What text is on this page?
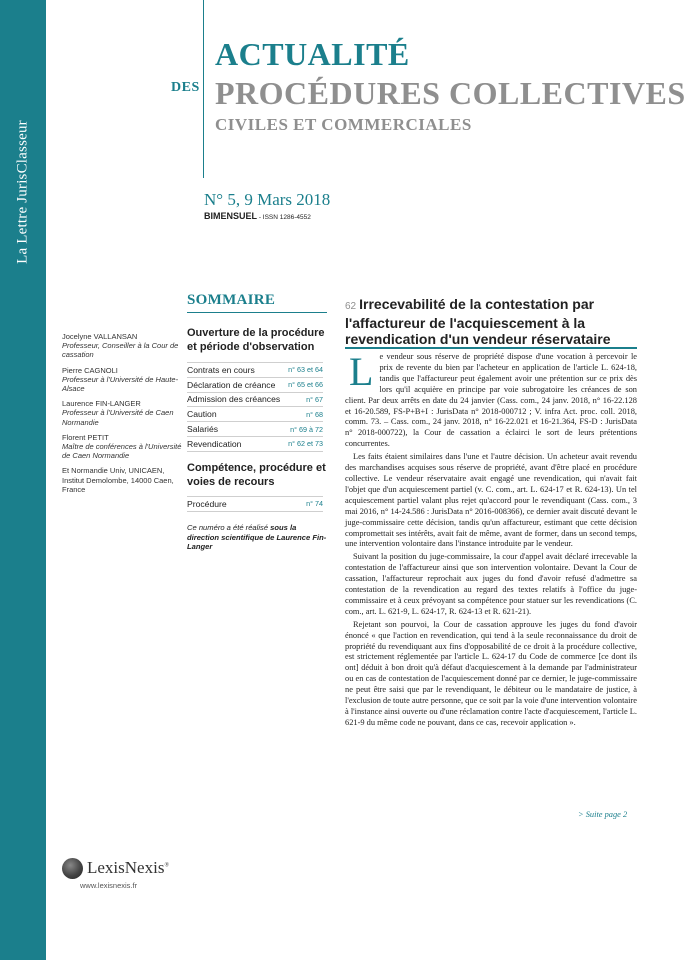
La Lettre JurisClasseur
ACTUALITÉ
DES PROCÉDURES COLLECTIVES
CIVILES ET COMMERCIALES
N° 5, 9 Mars 2018
BIMENSUEL - ISSN 1286-4552
SOMMAIRE
Jocelyne VALLANSAN
Professeur, Conseiller à la Cour de cassation
Pierre CAGNOLI
Professeur à l'Université de Haute-Alsace
Laurence FIN-LANGER
Professeur à l'Université de Caen Normandie
Florent PETIT
Maître de conférences à l'Université de Caen Normandie
Et Normandie Univ, UNICAEN, Institut Demolombe, 14000 Caen, France
Ouverture de la procédure et période d'observation
Contrats en cours	n° 63 et 64
Déclaration de créance n° 65 et 66
Admission des créances	n° 67
Caution	n° 68
Salariés	n° 69 à 72
Revendication	n° 62 et 73
Compétence, procédure et voies de recours
Procédure	n° 74
Ce numéro a été réalisé sous la direction scientifique de Laurence Fin-Langer
62 Irrecevabilité de la contestation par l'affactureur de l'acquiescement à la revendication d'un vendeur réservataire

Le vendeur sous réserve de propriété dispose d'une vocation à percevoir le prix de revente du bien par l'acheteur en application de l'article L. 624-18, tandis que l'affactureur peut également avoir une prétention sur ce prix dès lors qu'il acquière en principe par voie subrogatoire les créances de son client. Par deux arrêts en date du 24 janvier (Cass. com., 24 janv. 2018, n° 16-22.128 et 16-20.589, FS-P+B+I : JurisData n° 2018-000712 ; V. infra Act. proc. coll. 2018, comm. 73. – Cass. com., 24 janv. 2018, n° 16-22.021 et 16-21.364, FS-D : JurisData n° 2018-000722), la Cour de cassation a éclairci le sort de leurs prétentions concurrentes.

Les faits étaient similaires dans l'une et l'autre décision. Un acheteur avait revendu des marchandises acquises sous réserve de propriété, avant d'être placé en procédure collective. Le vendeur réservataire avait engagé une revendication, qui n'avait fait l'objet que d'un acquiescement partiel (v. C. com., art. L. 624-17 et R. 624-13). Un tel acquiescement partiel valant plus rejet qu'accord pour le revendiquant (Cass. com., 3 mai 2016, n° 14-24.586 : JurisData n° 2016-008366), ce dernier avait discuté devant le juge-commissaire cette décision, tandis qu'un affactureur, estimant que cette décision compromettait ses intérêts, avait fait de même, avant de former, dans un second temps, une intervention volontaire dans l'instance introduite par le vendeur.

Suivant la position du juge-commissaire, la cour d'appel avait déclaré irrecevable la contestation de l'affactureur ainsi que son intervention volontaire. Devant la Cour de cassation, l'affactureur reprochait aux juges du fond d'avoir refusé d'admettre sa contestation de la revendication au regard des textes relatifs à l'office du juge-commissaire et à ceux prévoyant sa compétence pour statuer sur les revendications (C. com., art. L. 621-9, L. 624-17, R. 624-13 et R. 621-21).

Rejetant son pourvoi, la Cour de cassation approuve les juges du fond d'avoir énoncé « que l'action en revendication, qui tend à la seule reconnaissance du droit de propriété du revendiquant aux fins d'opposabilité de ce droit à la procédure collective, est strictement réglementée par l'article L. 624-17 du Code de commerce [ce dont ils ont] déduit à bon droit qu'à défaut d'acquiescement à la demande par l'administrateur ou en cas de contestation de l'acquiescement donné par ce dernier, le juge-commissaire ne peut être saisi que par le revendiquant, le débiteur ou le mandataire de justice, à l'exclusion de toute autre personne, que ce soit par la voie d'une intervention volontaire à l'instance ainsi ouverte ou d'une réclamation contre l'acte d'acquiescement, l'article L. 621-9 du même code ne pouvant, dans ce cas, recevoir application ».

> Suite page 2
LexisNexis®
www.lexisnexis.fr
